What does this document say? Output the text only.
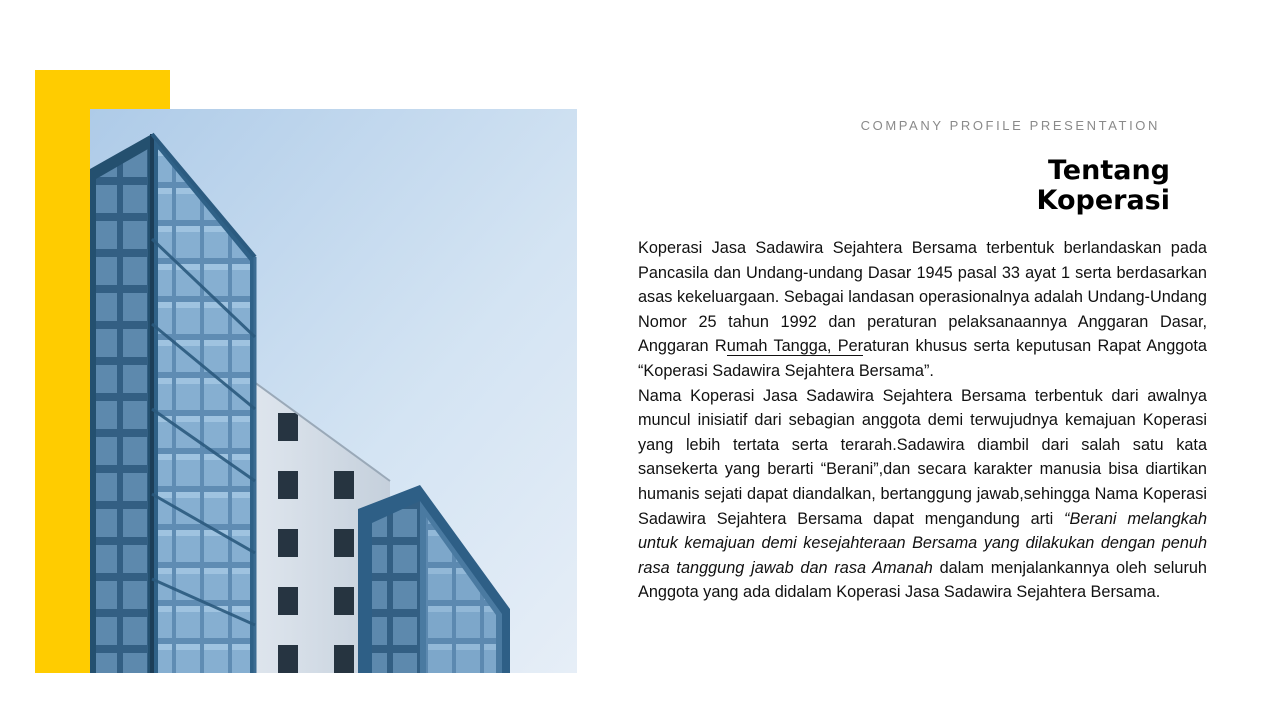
COMPANY PROFILE PRESENTATION
Tentang
Koperasi

Koperasi Jasa Sadawira Sejahtera Bersama terbentuk berlandaskan pada Pancasila dan Undang-undang Dasar 1945 pasal 33 ayat 1 serta berdasarkan asas kekeluargaan. Sebagai landasan operasionalnya adalah Undang-Undang Nomor 25 tahun 1992 dan peraturan pelaksanaannya Anggaran Dasar, Anggaran Rumah Tangga, Peraturan khusus serta keputusan Rapat Anggota “Koperasi Sadawira Sejahtera Bersama”.

Nama Koperasi Jasa Sadawira Sejahtera Bersama terbentuk dari awalnya muncul inisiatif dari sebagian anggota demi terwujudnya kemajuan Koperasi yang lebih tertata serta terarah.Sadawira diambil dari salah satu kata sansekerta yang berarti “Berani”,dan secara karakter manusia bisa diartikan humanis sejati dapat diandalkan, bertanggung jawab,sehingga Nama Koperasi Sadawira Sejahtera Bersama dapat mengandung arti “Berani melangkah untuk kemajuan demi kesejahteraan Bersama yang dilakukan dengan penuh rasa tanggung jawab dan rasa Amanah dalam menjalankannya oleh seluruh Anggota yang ada didalam Koperasi Jasa Sadawira Sejahtera Bersama.
